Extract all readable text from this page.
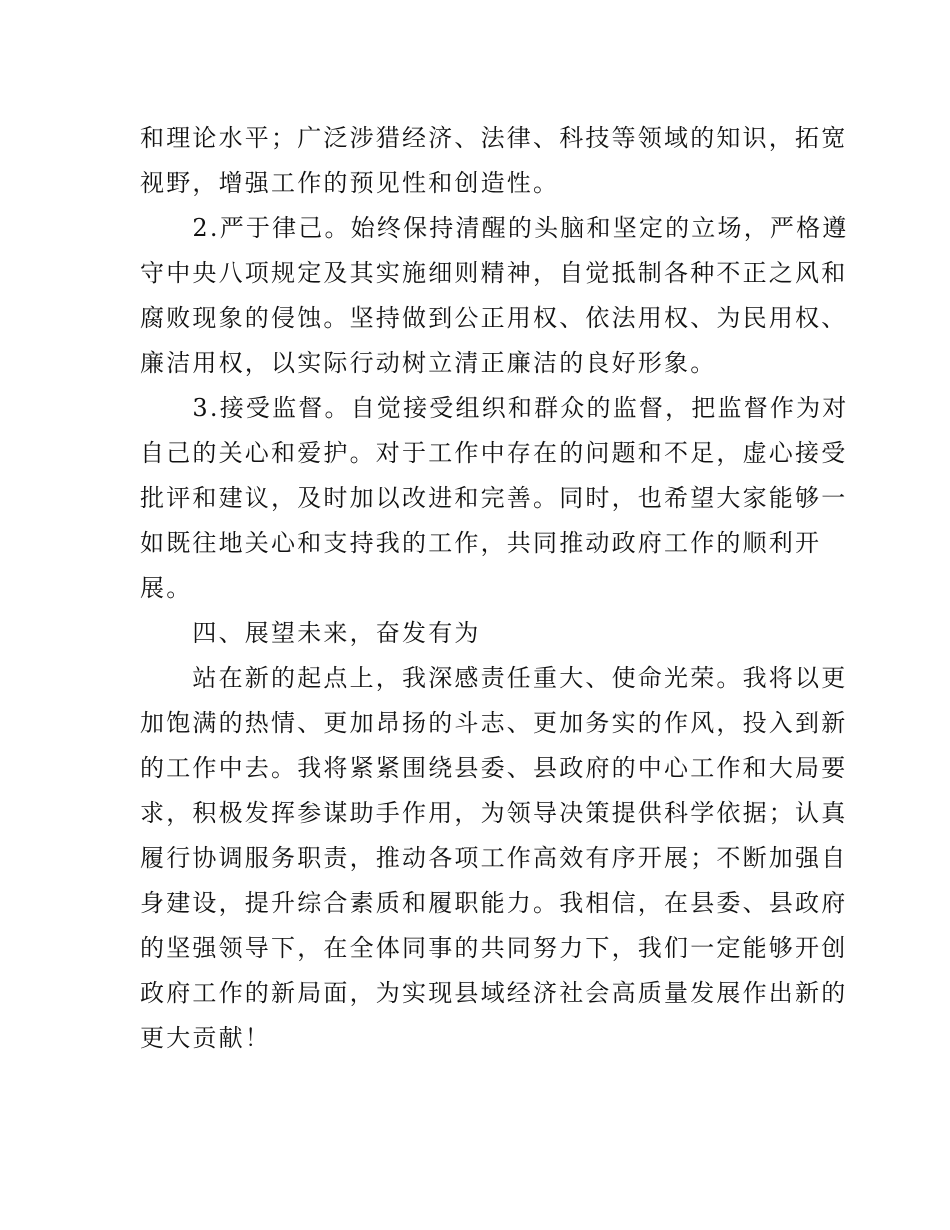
和理论水平；广泛涉猎经济、法律、科技等领域的知识，拓宽
视野，增强工作的预见性和创造性。

　　2.严于律己。始终保持清醒的头脑和坚定的立场，严格遵
守中央八项规定及其实施细则精神，自觉抵制各种不正之风和
腐败现象的侵蚀。坚持做到公正用权、依法用权、为民用权、
廉洁用权，以实际行动树立清正廉洁的良好形象。

　　3.接受监督。自觉接受组织和群众的监督，把监督作为对
自己的关心和爱护。对于工作中存在的问题和不足，虚心接受
批评和建议，及时加以改进和完善。同时，也希望大家能够一
如既往地关心和支持我的工作，共同推动政府工作的顺利开
展。

　　四、展望未来，奋发有为

　　站在新的起点上，我深感责任重大、使命光荣。我将以更
加饱满的热情、更加昂扬的斗志、更加务实的作风，投入到新
的工作中去。我将紧紧围绕县委、县政府的中心工作和大局要
求，积极发挥参谋助手作用，为领导决策提供科学依据；认真
履行协调服务职责，推动各项工作高效有序开展；不断加强自
身建设，提升综合素质和履职能力。我相信，在县委、县政府
的坚强领导下，在全体同事的共同努力下，我们一定能够开创
政府工作的新局面，为实现县域经济社会高质量发展作出新的
更大贡献！
